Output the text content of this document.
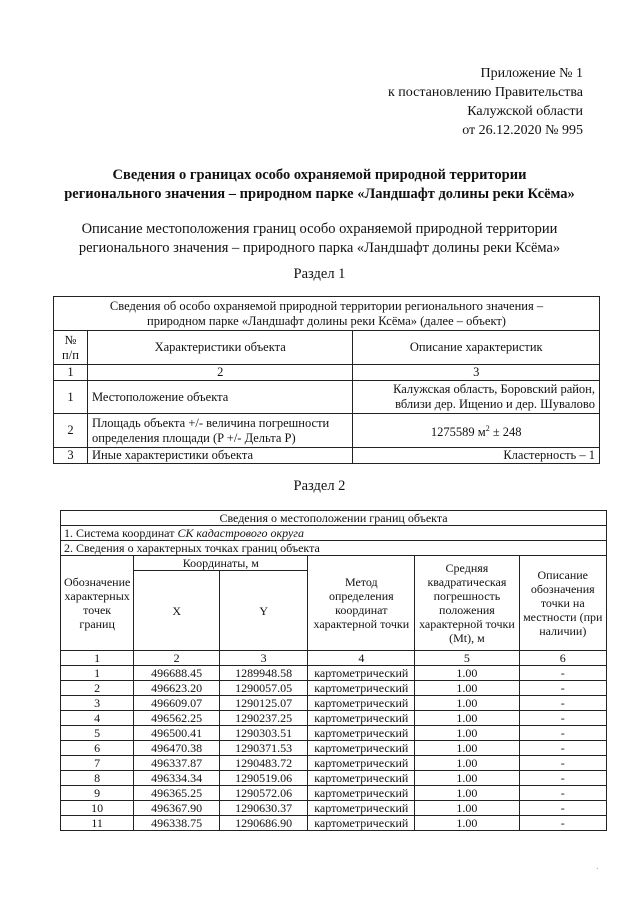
Приложение № 1
к постановлению Правительства
Калужской области
от 26.12.2020 № 995
Сведения о границах особо охраняемой природной территории
регионального значения – природном парке «Ландшафт долины реки Ксёма»
Описание местоположения границ особо охраняемой природной территории
регионального значения – природного парка «Ландшафт долины реки Ксёма»
Раздел 1
Сведения об особо охраняемой природной территории регионального значения – природном парке «Ландшафт долины реки Ксёма» (далее – объект)		
№ п/п	Характеристики объекта	Описание характеристик
1	2	3
1	Местоположение объекта	Калужская область, Боровский район, вблизи дер. Ищенио и дер. Шувалово
2	Площадь объекта +/- величина погрешности определения площади (P +/- Дельта P)	1275589 $м^2 \pm 248$
3	Иные характеристики объекта	Кластерность – 1
Раздел 2
Сведения о местоположении границ объекта					
1. Система координат СК кадастрового округа					
2. Сведения о характерных точках границ объекта					
Обозначение характерных точек границ	Координаты, м		Метод определения координат характерной точки	Средняя квадратическая погрешность положения характерной точки (Mt), м	Описание обозначения точки на местности (при наличии)
	X	Y			
1	2	3	4	5	6
1	496688.45	1289948.58	картометрический	1.00	-
2	496623.20	1290057.05	картометрический	1.00	-
3	496609.07	1290125.07	картометрический	1.00	-
4	496562.25	1290237.25	картометрический	1.00	-
5	496500.41	1290303.51	картометрический	1.00	-
6	496470.38	1290371.53	картометрический	1.00	-
7	496337.87	1290483.72	картометрический	1.00	-
8	496334.34	1290519.06	картометрический	1.00	-
9	496365.25	1290572.06	картометрический	1.00	-
10	496367.90	1290630.37	картометрический	1.00	-
11	496338.75	1290686.90	картометрический	1.00	-
·
